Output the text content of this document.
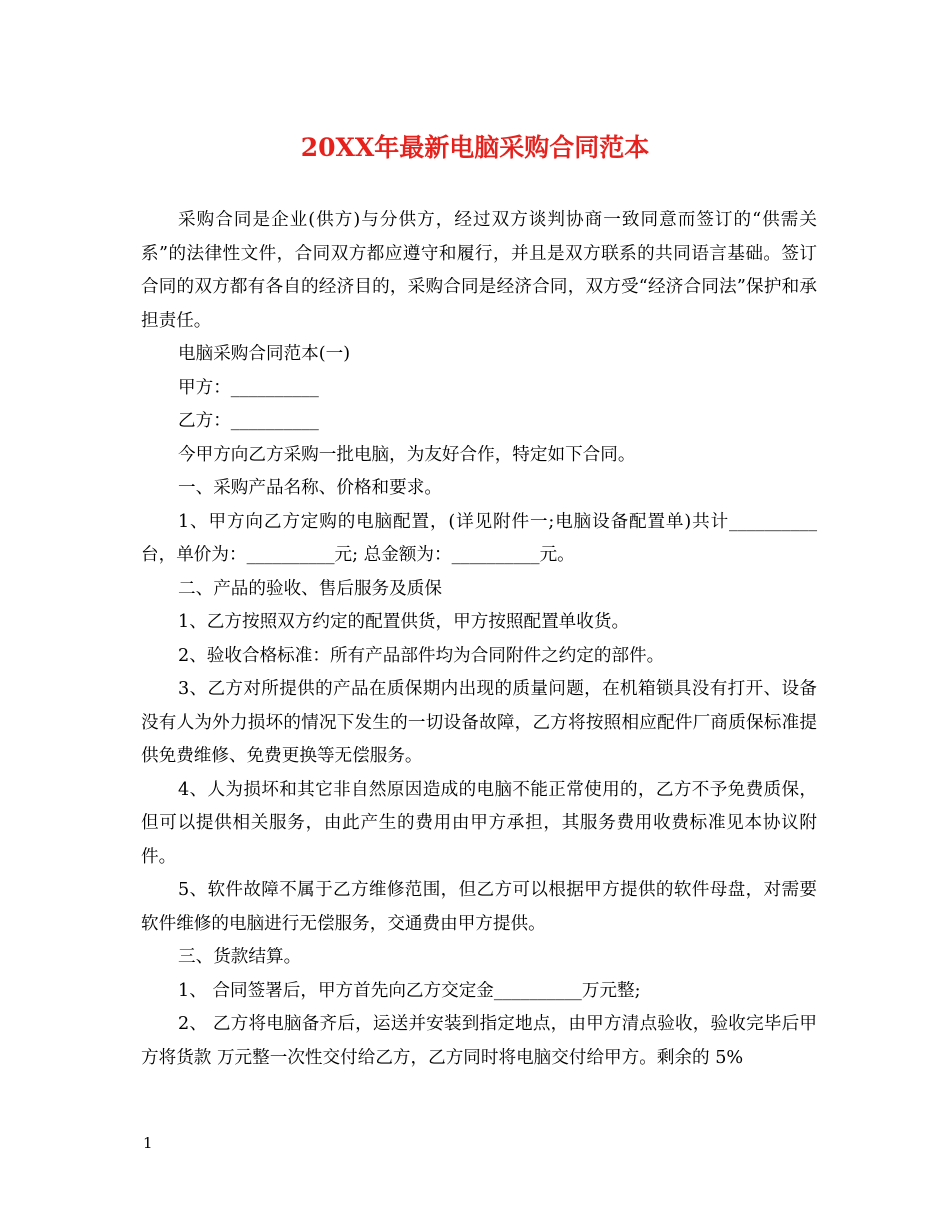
20XX年最新电脑采购合同范本

采购合同是企业(供方)与分供方，经过双方谈判协商一致同意而签订的“供需关系”的法律性文件，合同双方都应遵守和履行，并且是双方联系的共同语言基础。签订合同的双方都有各自的经济目的，采购合同是经济合同，双方受“经济合同法”保护和承担责任。

电脑采购合同范本(一)

甲方：__________

乙方：__________

今甲方向乙方采购一批电脑，为友好合作，特定如下合同。

一、采购产品名称、价格和要求。

1、甲方向乙方定购的电脑配置，(详见附件一;电脑设备配置单)共计__________台，单价为：__________元; 总金额为：__________元。

二、产品的验收、售后服务及质保

1、乙方按照双方约定的配置供货，甲方按照配置单收货。

2、验收合格标准：所有产品部件均为合同附件之约定的部件。

3、乙方对所提供的产品在质保期内出现的质量问题，在机箱锁具没有打开、设备没有人为外力损坏的情况下发生的一切设备故障，乙方将按照相应配件厂商质保标准提供免费维修、免费更换等无偿服务。

4、人为损坏和其它非自然原因造成的电脑不能正常使用的，乙方不予免费质保，但可以提供相关服务，由此产生的费用由甲方承担，其服务费用收费标准见本协议附件。

5、软件故障不属于乙方维修范围，但乙方可以根据甲方提供的软件母盘，对需要软件维修的电脑进行无偿服务，交通费由甲方提供。

三、货款结算。

1、 合同签署后，甲方首先向乙方交定金__________万元整;

2、 乙方将电脑备齐后，运送并安装到指定地点，由甲方清点验收，验收完毕后甲方将货款 万元整一次性交付给乙方，乙方同时将电脑交付给甲方。剩余的 5%

1
